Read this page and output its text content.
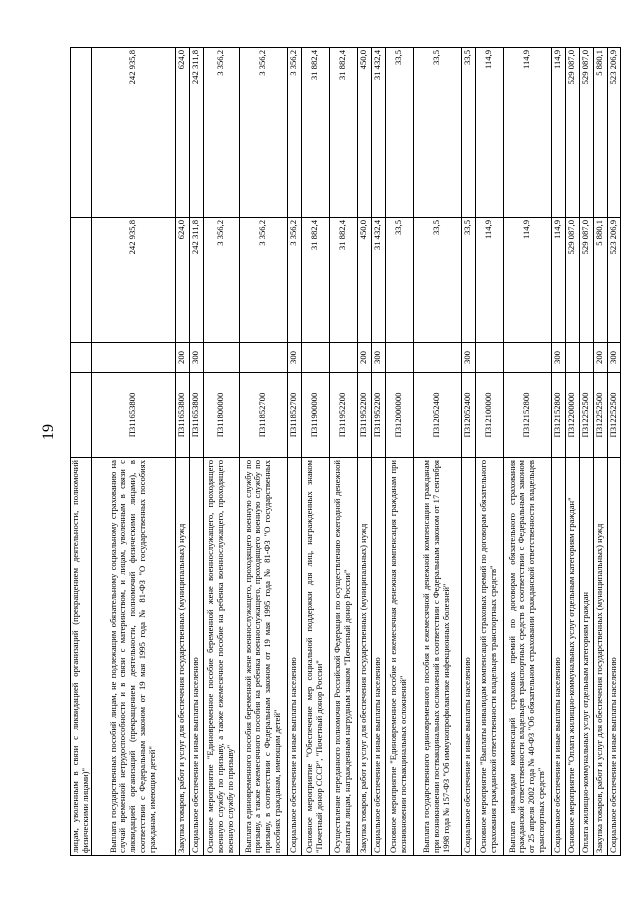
19
лицам, уволенным в связи с ликвидацией организаций (прекращением деятельности, полномочий физическими лицами)"				
Выплата государственных пособий лицам, не подлежащим обязательному социальному страхованию на случай временной нетрудоспособности и в связи с материнством, и лицам, уволенным в связи с ликвидацией организаций (прекращением деятельности, полномочий физическими лицами), в соответствии с Федеральным законом от 19 мая 1995 года № 81-ФЗ "О государственных пособиях гражданам, имеющим детей"	П311653800		242 935,8	242 935,8
Закупка товаров, работ и услуг для обеспечения государственных (муниципальных) нужд	П311653800	200	624,0	624,0
Социальное обеспечение и иные выплаты населению	П311653800	300	242 311,8	242 311,8
Основное мероприятие "Единовременное пособие беременной жене военнослужащего, проходящего военную службу по призыву, а также ежемесячное пособие на ребенка военнослужащего, проходящего военную службу по призыву"	П311800000		3 356,2	3 356,2
Выплата единовременного пособия беременной жене военнослужащего, проходящего военную службу по призыву, а также ежемесячного пособия на ребенка военнослужащего, проходящего военную службу по призыву, в соответствии с Федеральным законом от 19 мая 1995 года № 81-ФЗ "О государственных пособиях гражданам, имеющим детей"	П311852700		3 356,2	3 356,2
Социальное обеспечение и иные выплаты населению	П311852700	300	3 356,2	3 356,2
Основное мероприятие "Обеспечение мер социальной поддержки для лиц, награжденных знаком "Почетный донор СССР", "Почетный донор России"	П311900000		31 882,4	31 882,4
Осуществление переданного полномочия Российской Федерации по осуществлению ежегодной денежной выплаты лицам, награжденным нагрудным знаком "Почетный донор России"	П311952200		31 882,4	31 882,4
Закупка товаров, работ и услуг для обеспечения государственных (муниципальных) нужд	П311952200	200	450,0	450,0
Социальное обеспечение и иные выплаты населению	П311952200	300	31 432,4	31 432,4
Основное мероприятие "Единовременное пособие и ежемесячная денежная компенсация гражданам при возникновении поствакцинальных осложнений"	П312000000		33,5	33,5
Выплата государственного единовременного пособия и ежемесячной денежной компенсации гражданам при возникновении поствакцинальных осложнений в соответствии с Федеральным законом от 17 сентября 1998 года № 157-ФЗ "Об иммунопрофилактике инфекционных болезней"	П312052400		33,5	33,5
Социальное обеспечение и иные выплаты населению	П312052400	300	33,5	33,5
Основное мероприятие "Выплаты инвалидам компенсаций страховых премий по договорам обязательного страхования гражданской ответственности владельцев транспортных средств"	П312100000		114,9	114,9
Выплата инвалидам компенсаций страховых премий по договорам обязательного страхования гражданской ответственности владельцев транспортных средств в соответствии с Федеральным законом от 25 апреля 2002 года № 40-ФЗ "Об обязательном страховании гражданской ответственности владельцев транспортных средств"	П312152800		114,9	114,9
Социальное обеспечение и иные выплаты населению	П312152800	300	114,9	114,9
Основное мероприятие "Оплата жилищно-коммунальных услуг отдельным категориям граждан"	П312200000		529 087,0	529 087,0
Оплата жилищно-коммунальных услуг отдельным категориям граждан	П312252500		529 087,0	529 087,0
Закупка товаров, работ и услуг для обеспечения государственных (муниципальных) нужд	П312252500	200	5 880,1	5 880,1
Социальное обеспечение и иные выплаты населению	П312252500	300	523 206,9	523 206,9
